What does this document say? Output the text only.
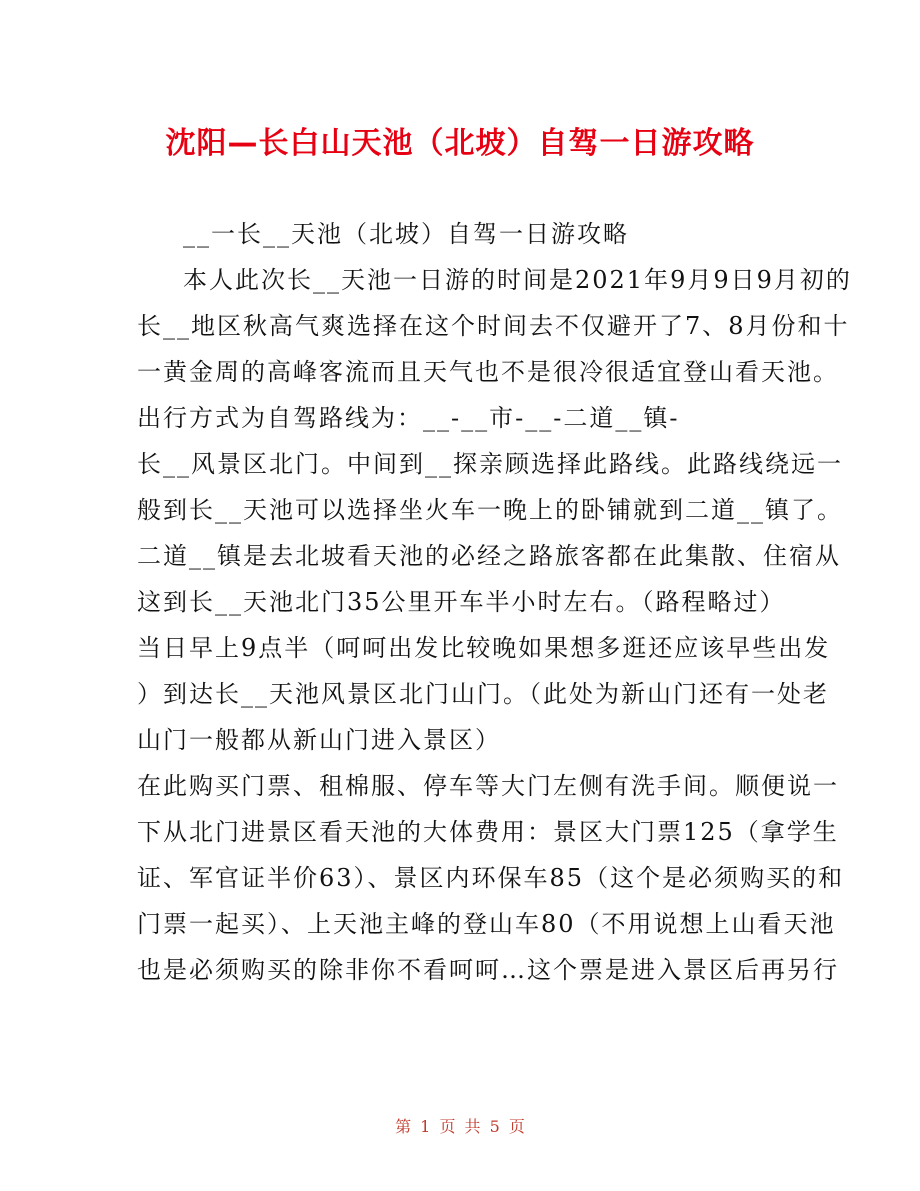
沈阳—长白山天池（北坡）自驾一日游攻略
__一长__天池（北坡）自驾一日游攻略
本人此次长__天池一日游的时间是2021年9月9日9月初的
长__地区秋高气爽选择在这个时间去不仅避开了7、8月份和十
一黄金周的高峰客流而且天气也不是很冷很适宜登山看天池。
出行方式为自驾路线为：__-__市-__-二道__镇-
长__风景区北门。中间到__探亲顾选择此路线。此路线绕远一
般到长__天池可以选择坐火车一晚上的卧铺就到二道__镇了。
二道__镇是去北坡看天池的必经之路旅客都在此集散、住宿从
这到长__天池北门35公里开车半小时左右。（路程略过）
当日早上9点半（呵呵出发比较晚如果想多逛还应该早些出发
）到达长__天池风景区北门山门。（此处为新山门还有一处老
山门一般都从新山门进入景区）
在此购买门票、租棉服、停车等大门左侧有洗手间。顺便说一
下从北门进景区看天池的大体费用：景区大门票125（拿学生
证、军官证半价63）、景区内环保车85（这个是必须购买的和
门票一起买）、上天池主峰的登山车80（不用说想上山看天池
也是必须购买的除非你不看呵呵…这个票是进入景区后再另行
第 1 页 共 5 页
